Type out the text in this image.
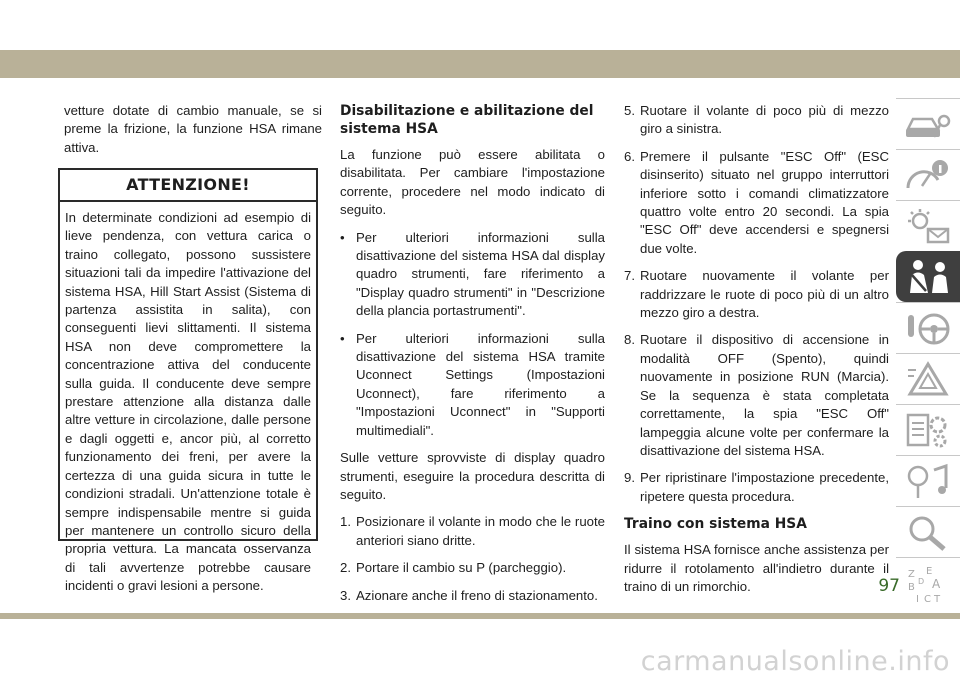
vetture dotate di cambio manuale, se si preme la frizione, la funzione HSA rimane attiva.

ATTENZIONE!
In determinate condizioni ad esempio di lieve pendenza, con vettura carica o traino collegato, possono sussistere situazioni tali da impedire l'attivazione del sistema HSA, Hill Start Assist (Sistema di partenza assistita in salita), con conseguenti lievi slittamenti. Il sistema HSA non deve compromettere la concentrazione attiva del conducente sulla guida. Il conducente deve sempre prestare attenzione alla distanza dalle altre vetture in circolazione, dalle persone e dagli oggetti e, ancor più, al corretto funzionamento dei freni, per avere la certezza di una guida sicura in tutte le condizioni stradali. Un'attenzione totale è sempre indispensabile mentre si guida per mantenere un controllo sicuro della propria vettura. La mancata osservanza di tali avvertenze potrebbe causare incidenti o gravi lesioni a persone.
Disabilitazione e abilitazione del sistema HSA

La funzione può essere abilitata o disabilitata. Per cambiare l'impostazione corrente, procedere nel modo indicato di seguito.

• Per ulteriori informazioni sulla disattivazione del sistema HSA dal display quadro strumenti, fare riferimento a "Display quadro strumenti" in "Descrizione della plancia portastrumenti".
• Per ulteriori informazioni sulla disattivazione del sistema HSA tramite Uconnect Settings (Impostazioni Uconnect), fare riferimento a "Impostazioni Uconnect" in "Supporti multimediali".

Sulle vetture sprovviste di display quadro strumenti, eseguire la procedura descritta di seguito.

1. Posizionare il volante in modo che le ruote anteriori siano dritte.
2. Portare il cambio su P (parcheggio).
3. Azionare anche il freno di stazionamento.
5. Ruotare il volante di poco più di mezzo giro a sinistra.
6. Premere il pulsante "ESC Off" (ESC disinserito) situato nel gruppo interruttori inferiore sotto i comandi climatizzatore quattro volte entro 20 secondi. La spia "ESC Off" deve accendersi e spegnersi due volte.
7. Ruotare nuovamente il volante per raddrizzare le ruote di poco più di un altro mezzo giro a destra.
8. Ruotare il dispositivo di accensione in modalità OFF (Spento), quindi nuovamente in posizione RUN (Marcia). Se la sequenza è stata completata correttamente, la spia "ESC Off" lampeggia alcune volte per confermare la disattivazione del sistema HSA.
9. Per ripristinare l'impostazione precedente, ripetere questa procedura.
Traino con sistema HSA

Il sistema HSA fornisce anche assistenza per ridurre il rotolamento all'indietro durante il traino di un rimorchio.

Z E
B A
I C T
D
97
carmanualsonline.info
